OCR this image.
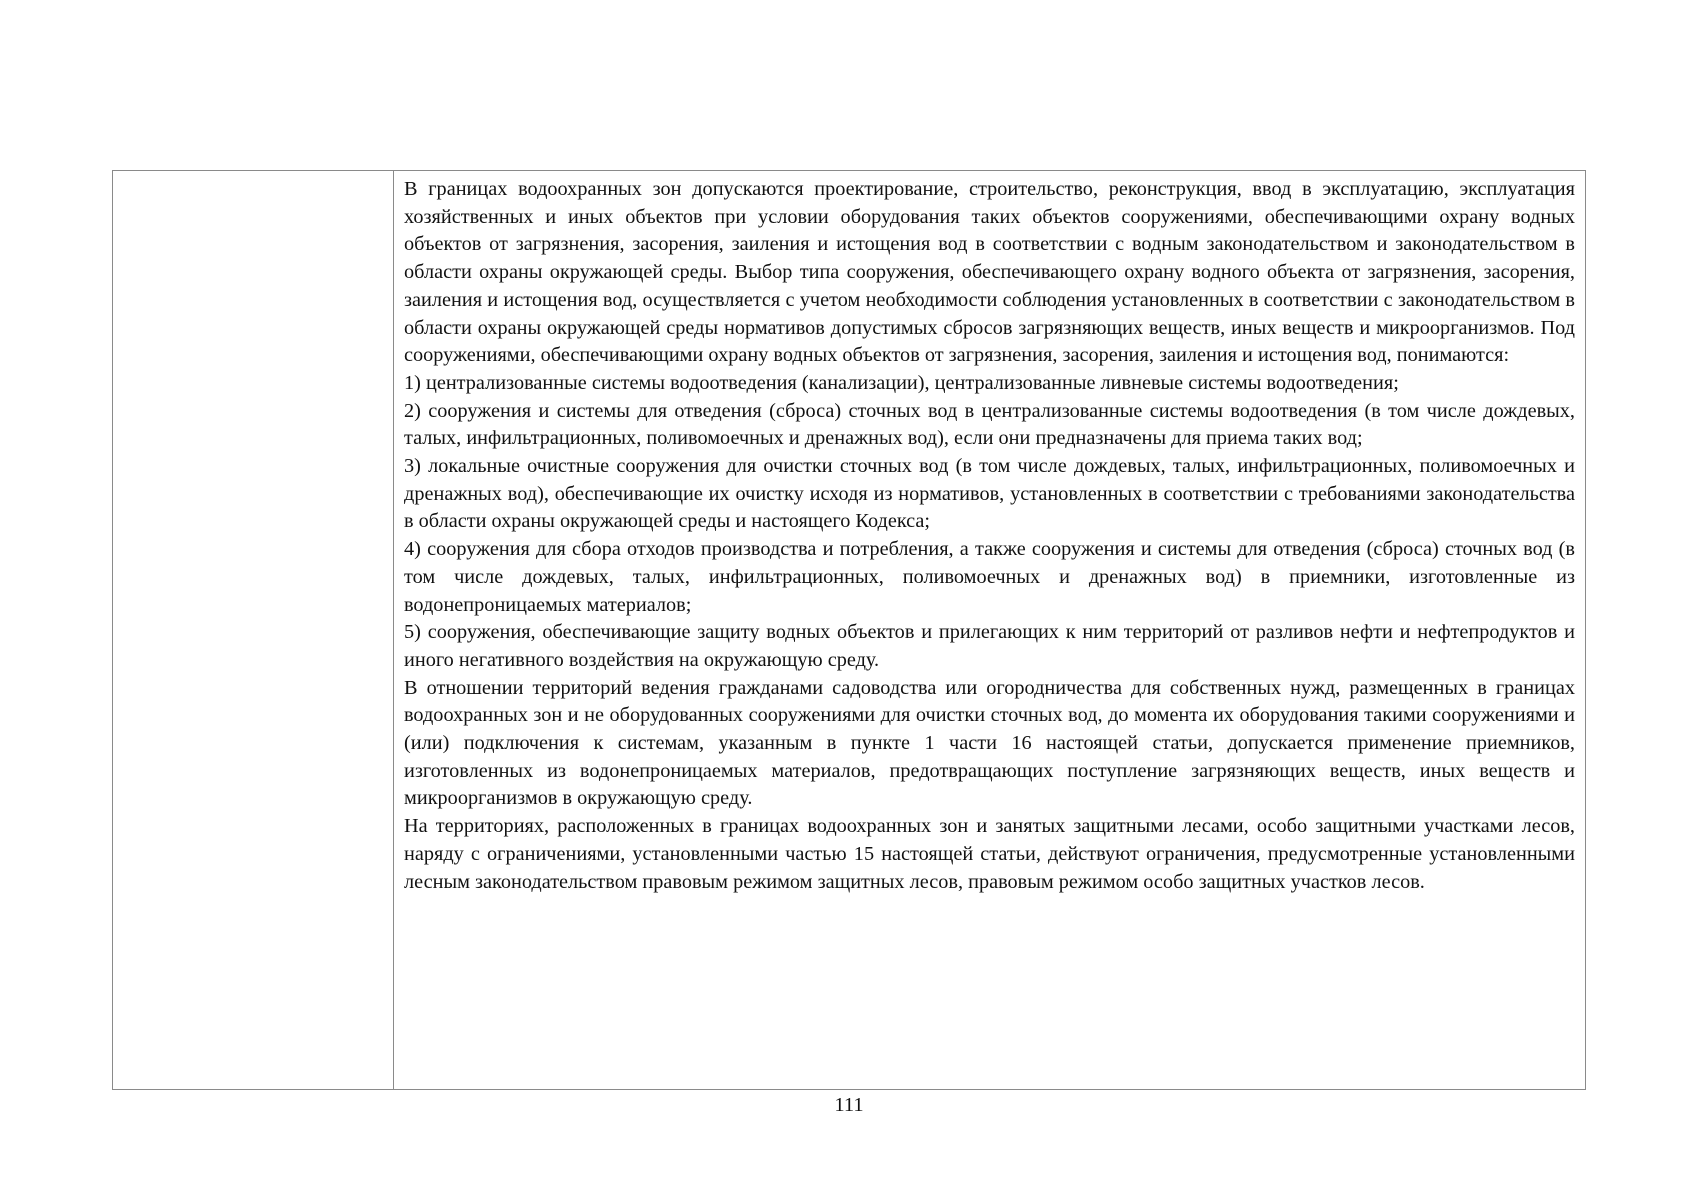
В границах водоохранных зон допускаются проектирование, строительство, реконструкция, ввод в эксплуатацию, эксплуатация хозяйственных и иных объектов при условии оборудования таких объектов сооружениями, обеспечивающими охрану водных объектов от загрязнения, засорения, заиления и истощения вод в соответствии с водным законодательством и законодательством в области охраны окружающей среды. Выбор типа сооружения, обеспечивающего охрану водного объекта от загрязнения, засорения, заиления и истощения вод, осуществляется с учетом необходимости соблюдения установленных в соответствии с законодательством в области охраны окружающей среды нормативов допустимых сбросов загрязняющих веществ, иных веществ и микроорганизмов. Под сооружениями, обеспечивающими охрану водных объектов от загрязнения, засорения, заиления и истощения вод, понимаются:

1) централизованные системы водоотведения (канализации), централизованные ливневые системы водоотведения;

2) сооружения и системы для отведения (сброса) сточных вод в централизованные системы водоотведения (в том числе дождевых, талых, инфильтрационных, поливомоечных и дренажных вод), если они предназначены для приема таких вод;

3) локальные очистные сооружения для очистки сточных вод (в том числе дождевых, талых, инфильтрационных, поливомоечных и дренажных вод), обеспечивающие их очистку исходя из нормативов, установленных в соответствии с требованиями законодательства в области охраны окружающей среды и настоящего Кодекса;

4) сооружения для сбора отходов производства и потребления, а также сооружения и системы для отведения (сброса) сточных вод (в том числе дождевых, талых, инфильтрационных, поливомоечных и дренажных вод) в приемники, изготовленные из водонепроницаемых материалов;

5) сооружения, обеспечивающие защиту водных объектов и прилегающих к ним территорий от разливов нефти и нефтепродуктов и иного негативного воздействия на окружающую среду.

В отношении территорий ведения гражданами садоводства или огородничества для собственных нужд, размещенных в границах водоохранных зон и не оборудованных сооружениями для очистки сточных вод, до момента их оборудования такими сооружениями и (или) подключения к системам, указанным в пункте 1 части 16 настоящей статьи, допускается применение приемников, изготовленных из водонепроницаемых материалов, предотвращающих поступление загрязняющих веществ, иных веществ и микроорганизмов в окружающую среду.

На территориях, расположенных в границах водоохранных зон и занятых защитными лесами, особо защитными участками лесов, наряду с ограничениями, установленными частью 15 настоящей статьи, действуют ограничения, предусмотренные установленными лесным законодательством правовым режимом защитных лесов, правовым режимом особо защитных участков лесов.

111
